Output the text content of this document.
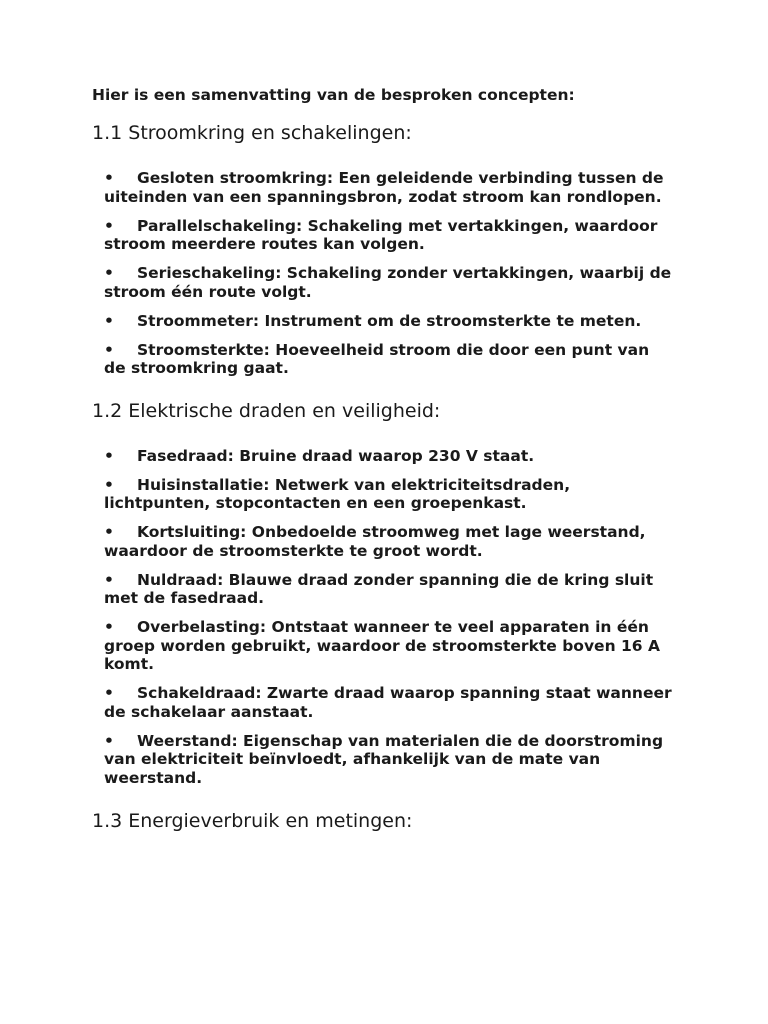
Hier is een samenvatting van de besproken concepten:

1.1 Stroomkring en schakelingen:
• Gesloten stroomkring: Een geleidende verbinding tussen de uiteinden van een spanningsbron, zodat stroom kan rondlopen.
• Parallelschakeling: Schakeling met vertakkingen, waardoor stroom meerdere routes kan volgen.
• Serieschakeling: Schakeling zonder vertakkingen, waarbij de stroom één route volgt.
• Stroommeter: Instrument om de stroomsterkte te meten.
• Stroomsterkte: Hoeveelheid stroom die door een punt van de stroomkring gaat.
1.2 Elektrische draden en veiligheid:
• Fasedraad: Bruine draad waarop 230 V staat.
• Huisinstallatie: Netwerk van elektriciteitsdraden, lichtpunten, stopcontacten en een groepenkast.
• Kortsluiting: Onbedoelde stroomweg met lage weerstand, waardoor de stroomsterkte te groot wordt.
• Nuldraad: Blauwe draad zonder spanning die de kring sluit met de fasedraad.
• Overbelasting: Ontstaat wanneer te veel apparaten in één groep worden gebruikt, waardoor de stroomsterkte boven 16 A komt.
• Schakeldraad: Zwarte draad waarop spanning staat wanneer de schakelaar aanstaat.
• Weerstand: Eigenschap van materialen die de doorstroming van elektriciteit beïnvloedt, afhankelijk van de mate van weerstand.
1.3 Energieverbruik en metingen:
